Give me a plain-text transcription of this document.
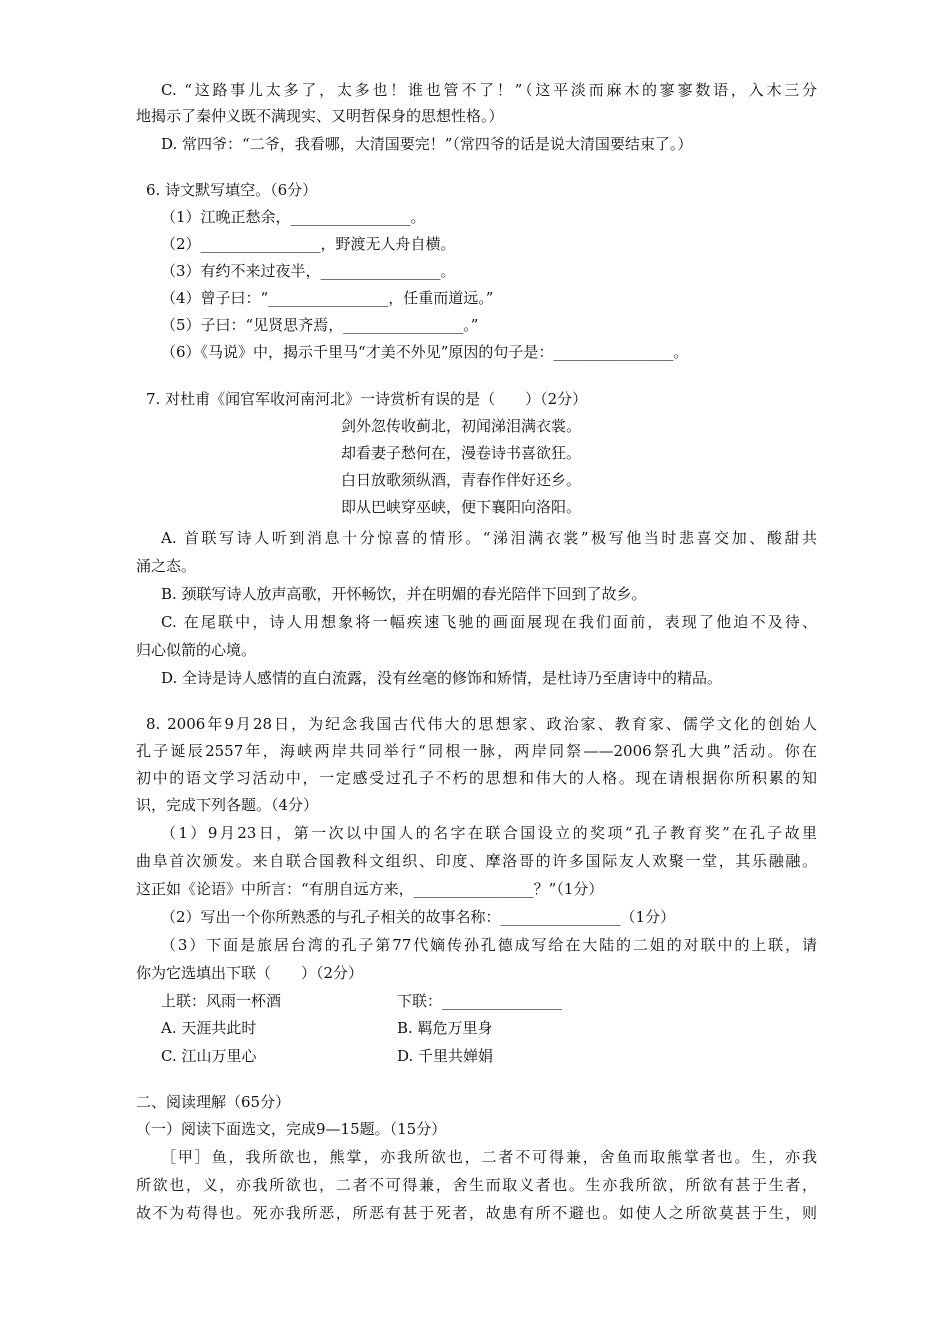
C. “这路事儿太多了，太多也！谁也管不了！”（这平淡而麻木的寥寥数语，入木三分
地揭示了秦仲义既不满现实、又明哲保身的思想性格。）
D. 常四爷：“二爷，我看哪，大清国要完！”（常四爷的话是说大清国要结束了。）
6. 诗文默写填空。（6分）
（1）江晚正愁余，________________。
（2）________________，野渡无人舟自横。
（3）有约不来过夜半，________________。
（4）曾子曰：“________________，任重而道远。”
（5）子曰：“见贤思齐焉，________________。”
（6）《马说》中，揭示千里马“才美不外见”原因的句子是：________________。
7. 对杜甫《闻官军收河南河北》一诗赏析有误的是（　　）（2分）
剑外忽传收蓟北，初闻涕泪满衣裳。
却看妻子愁何在，漫卷诗书喜欲狂。
白日放歌须纵酒，青春作伴好还乡。
即从巴峡穿巫峡，便下襄阳向洛阳。
A. 首联写诗人听到消息十分惊喜的情形。“涕泪满衣裳”极写他当时悲喜交加、酸甜共
涌之态。
B. 颈联写诗人放声高歌，开怀畅饮，并在明媚的春光陪伴下回到了故乡。
C. 在尾联中，诗人用想象将一幅疾速飞驰的画面展现在我们面前，表现了他迫不及待、
归心似箭的心境。
D. 全诗是诗人感情的直白流露，没有丝毫的修饰和矫情，是杜诗乃至唐诗中的精品。
8. 2006年9月28日，为纪念我国古代伟大的思想家、政治家、教育家、儒学文化的创始人
孔子诞辰2557年，海峡两岸共同举行“同根一脉，两岸同祭——2006祭孔大典”活动。你在
初中的语文学习活动中，一定感受过孔子不朽的思想和伟大的人格。现在请根据你所积累的知
识，完成下列各题。（4分）
（1）9月23日，第一次以中国人的名字在联合国设立的奖项“孔子教育奖”在孔子故里
曲阜首次颁发。来自联合国教科文组织、印度、摩洛哥的许多国际友人欢聚一堂，其乐融融。
这正如《论语》中所言：“有朋自远方来，________________？”（1分）
（2）写出一个你所熟悉的与孔子相关的故事名称：________________（1分）
（3）下面是旅居台湾的孔子第77代嫡传孙孔德成写给在大陆的二姐的对联中的上联，请
你为它选填出下联（　　）（2分）
上联：风雨一杯酒	下联：________________
A. 天涯共此时	B. 羁危万里身
C. 江山万里心	D. 千里共婵娟
二、阅读理解（65分）
（一）阅读下面选文，完成9—15题。（15分）
［甲］鱼，我所欲也，熊掌，亦我所欲也，二者不可得兼，舍鱼而取熊掌者也。生，亦我
所欲也，义，亦我所欲也，二者不可得兼，舍生而取义者也。生亦我所欲，所欲有甚于生者，
故不为苟得也。死亦我所恶，所恶有甚于死者，故患有所不避也。如使人之所欲莫甚于生，则
